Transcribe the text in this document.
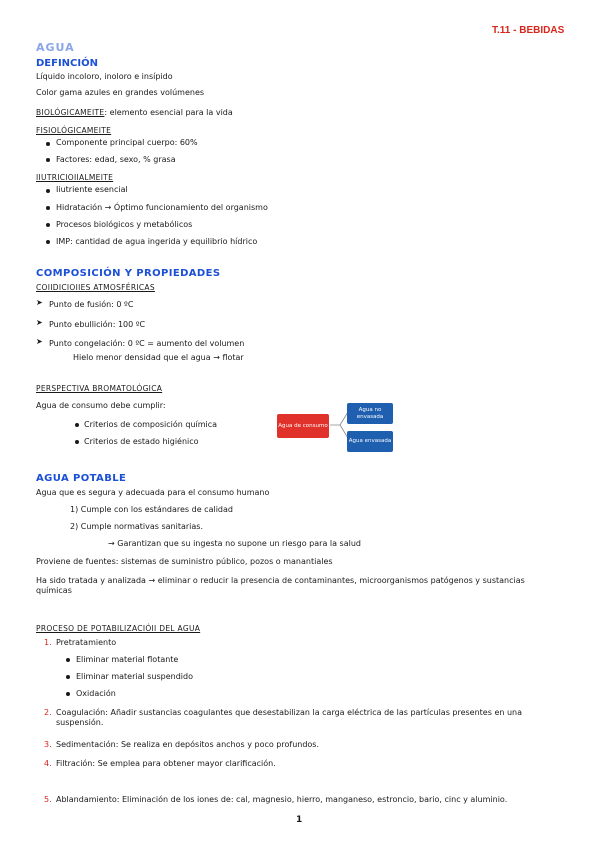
T.11 - BEBIDAS
AGUA
DEFINCIÓN
Líquido incoloro, inoloro e insípido
Color gama azules en grandes volúmenes
BIOLÓGICAMEITE: elemento esencial para la vida
FISIOLÓGICAMEITE
Componente principal cuerpo: 60%
Factores: edad, sexo, % grasa
IIUTRICIOIIALMEITE
Iiutriente esencial
Hidratación → Óptimo funcionamiento del organismo
Procesos biológicos y metabólicos
IMP: cantidad de agua ingerida y equilibrio hídrico
COMPOSICIÓN Y PROPIEDADES
COIIDICIOIIES ATMOSFÉRICAS
➤ Punto de fusión: 0 ºC
➤ Punto ebullición: 100 ºC
➤ Punto congelación: 0 ºC = aumento del volumen
Hielo menor densidad que el agua → flotar
PERSPECTIVA BROMATOLÓGICA
Agua de consumo debe cumplir:
Criterios de composición química
Criterios de estado higiénico
Agua de consumo
Agua no envasada
Agua envasada
AGUA POTABLE
Agua que es segura y adecuada para el consumo humano
1) Cumple con los estándares de calidad
2) Cumple normativas sanitarias.
→ Garantizan que su ingesta no supone un riesgo para la salud
Proviene de fuentes: sistemas de suministro público, pozos o manantiales
Ha sido tratada y analizada → eliminar o reducir la presencia de contaminantes, microorganismos patógenos y sustancias químicas
PROCESO DE POTABILIZACIÓII DEL AGUA
1. Pretratamiento
Eliminar material flotante
Eliminar material suspendido
Oxidación
2. Coagulación: Añadir sustancias coagulantes que desestabilizan la carga eléctrica de las partículas presentes en una suspensión.
3. Sedimentación: Se realiza en depósitos anchos y poco profundos.
4. Filtración: Se emplea para obtener mayor clarificación.
5. Ablandamiento: Eliminación de los iones de: cal, magnesio, hierro, manganeso, estroncio, bario, cinc y aluminio.
1
